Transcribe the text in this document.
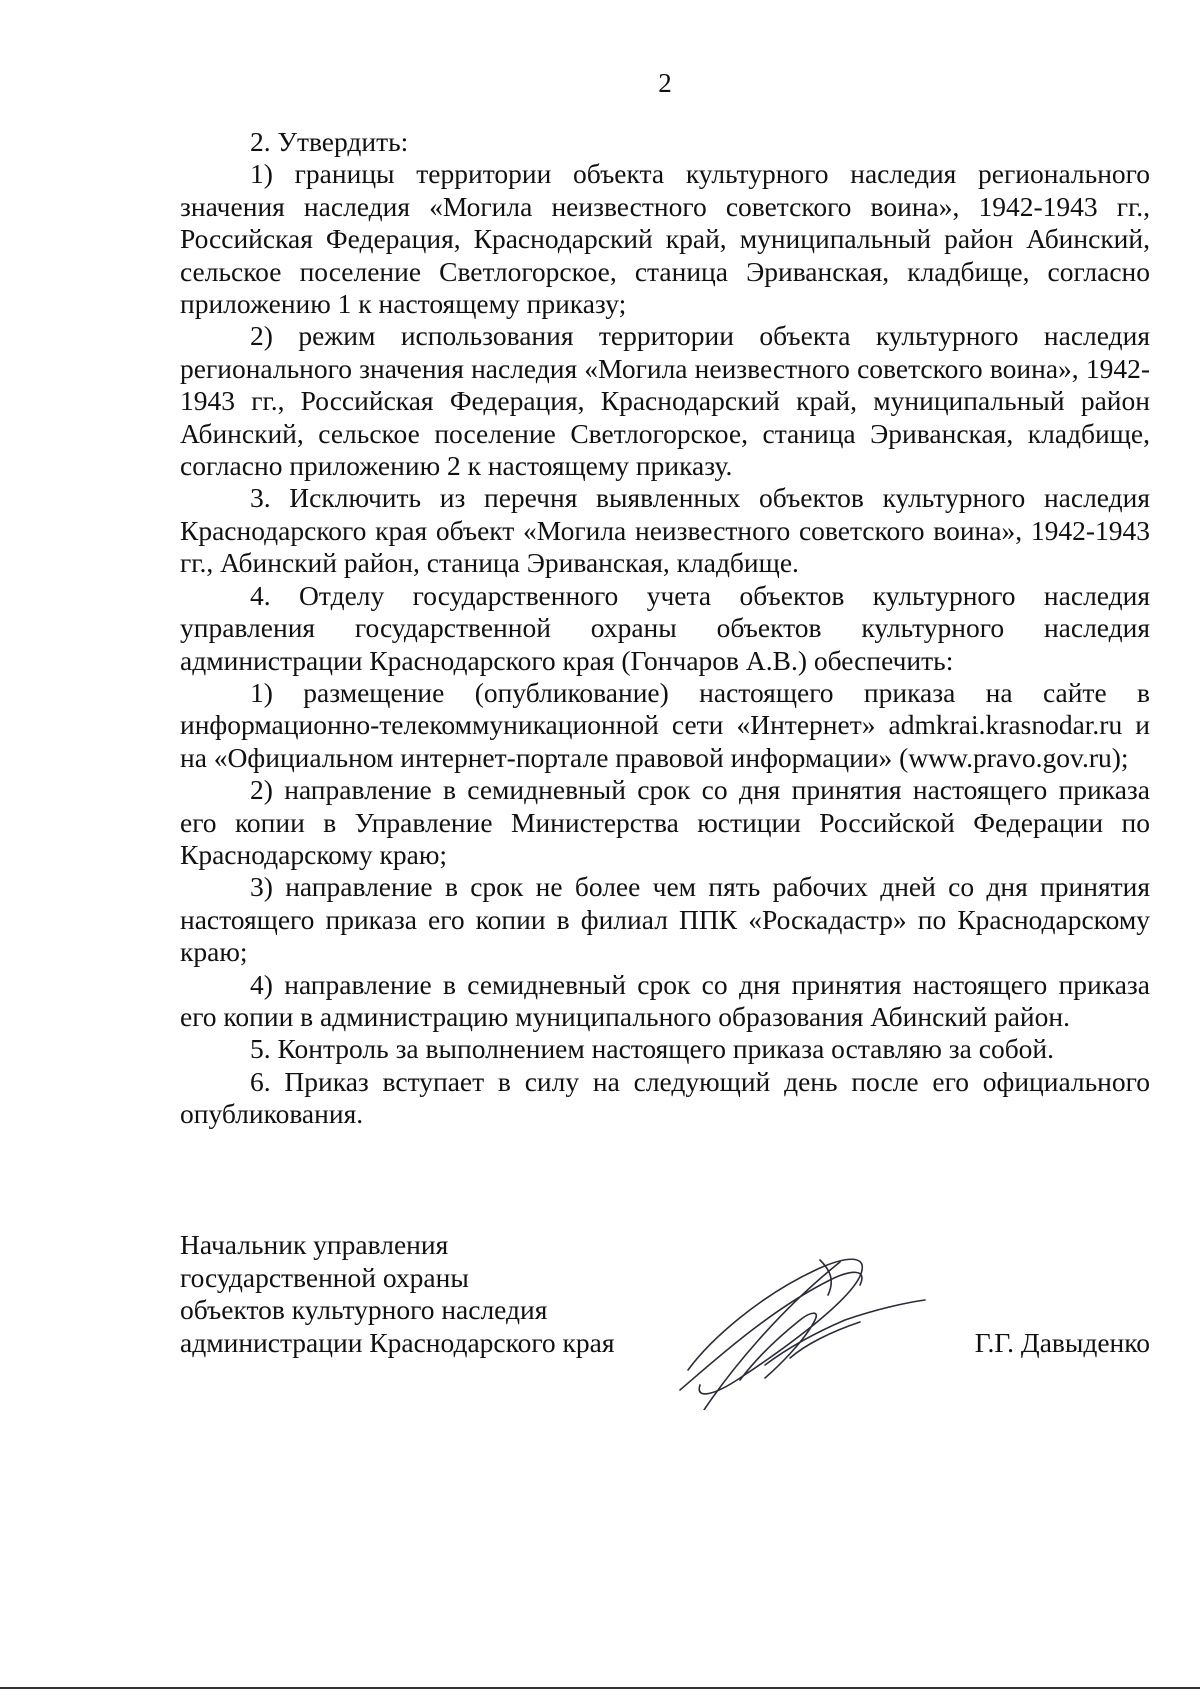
2

2. Утвердить:

1) границы территории объекта культурного наследия регионального значения наследия «Могила неизвестного советского воина», 1942-1943 гг., Российская Федерация, Краснодарский край, муниципальный район Абинский, сельское поселение Светлогорское, станица Эриванская, кладбище, согласно приложению 1 к настоящему приказу;

2) режим использования территории объекта культурного наследия регионального значения наследия «Могила неизвестного советского воина», 1942-1943 гг., Российская Федерация, Краснодарский край, муниципальный район Абинский, сельское поселение Светлогорское, станица Эриванская, кладбище, согласно приложению 2 к настоящему приказу.

3. Исключить из перечня выявленных объектов культурного наследия Краснодарского края объект «Могила неизвестного советского воина», 1942-1943 гг., Абинский район, станица Эриванская, кладбище.

4. Отделу государственного учета объектов культурного наследия управления государственной охраны объектов культурного наследия администрации Краснодарского края (Гончаров А.В.) обеспечить:

1) размещение (опубликование) настоящего приказа на сайте в информационно-телекоммуникационной сети «Интернет» admkrai.krasnodar.ru и на «Официальном интернет-портале правовой информации» (www.pravo.gov.ru);

2) направление в семидневный срок со дня принятия настоящего приказа его копии в Управление Министерства юстиции Российской Федерации по Краснодарскому краю;

3) направление в срок не более чем пять рабочих дней со дня принятия настоящего приказа его копии в филиал ППК «Роскадастр» по Краснодарскому краю;

4) направление в семидневный срок со дня принятия настоящего приказа его копии в администрацию муниципального образования Абинский район.

5. Контроль за выполнением настоящего приказа оставляю за собой.

6. Приказ вступает в силу на следующий день после его официального опубликования.

Начальник управления
государственной охраны
объектов культурного наследия
администрации Краснодарского края	Г.Г. Давыденко
